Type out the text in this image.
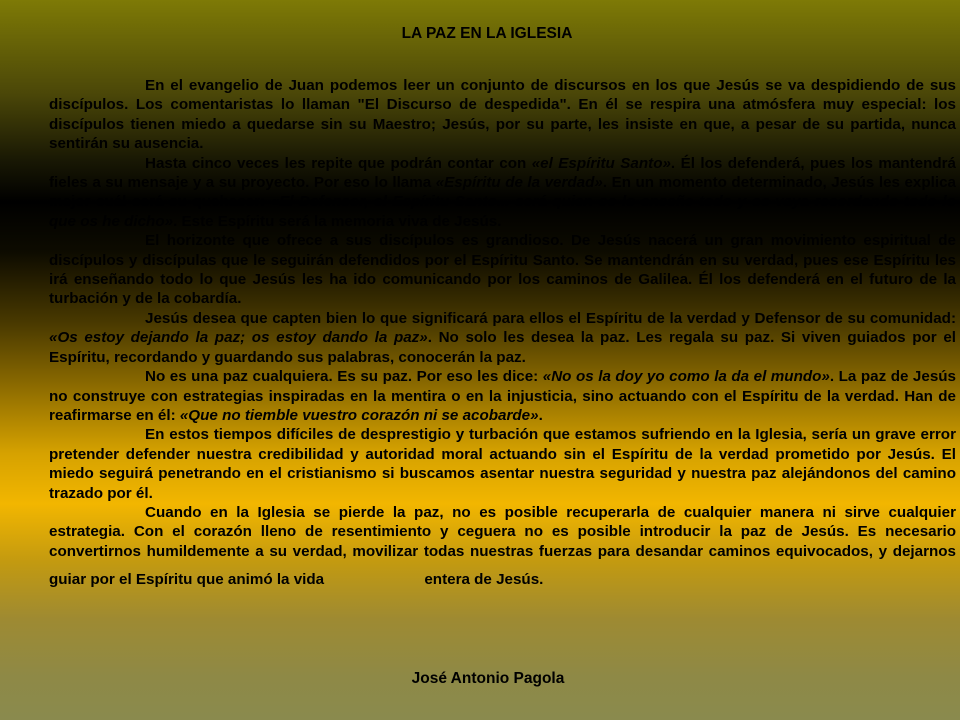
LA PAZ EN LA IGLESIA

En el evangelio de Juan podemos leer un conjunto de discursos en los que Jesús se va despidiendo de sus discípulos. Los comentaristas lo llaman "El Discurso de despedida". En él se respira una atmósfera muy especial: los discípulos tienen miedo a quedarse sin su Maestro; Jesús, por su parte, les insiste en que, a pesar de su partida, nunca sentirán su ausencia.

Hasta cinco veces les repite que podrán contar con «el Espíritu Santo». Él los defenderá, pues los mantendrá fieles a su mensaje y a su proyecto. Por eso lo llama «Espíritu de la verdad». En un momento determinado, Jesús les explica mejor cuál será su quehacer: «El Defensor, el Espíritu Santo... será quien os lo enseñe todo y os vaya recordando todo lo que os he dicho». Este Espíritu será la memoria viva de Jesús.

El horizonte que ofrece a sus discípulos es grandioso. De Jesús nacerá un gran movimiento espiritual de discípulos y discípulas que le seguirán defendidos por el Espíritu Santo. Se mantendrán en su verdad, pues ese Espíritu les irá enseñando todo lo que Jesús les ha ido comunicando por los caminos de Galilea. Él los defenderá en el futuro de la turbación y de la cobardía.

Jesús desea que capten bien lo que significará para ellos el Espíritu de la verdad y Defensor de su comunidad: «Os estoy dejando la paz; os estoy dando la paz». No solo les desea la paz. Les regala su paz. Si viven guiados por el Espíritu, recordando y guardando sus palabras, conocerán la paz.

No es una paz cualquiera. Es su paz. Por eso les dice: «No os la doy yo como la da el mundo». La paz de Jesús no construye con estrategias inspiradas en la mentira o en la injusticia, sino actuando con el Espíritu de la verdad. Han de reafirmarse en él: «Que no tiemble vuestro corazón ni se acobarde».

En estos tiempos difíciles de desprestigio y turbación que estamos sufriendo en la Iglesia, sería un grave error pretender defender nuestra credibilidad y autoridad moral actuando sin el Espíritu de la verdad prometido por Jesús. El miedo seguirá penetrando en el cristianismo si buscamos asentar nuestra seguridad y nuestra paz alejándonos del camino trazado por él.

Cuando en la Iglesia se pierde la paz, no es posible recuperarla de cualquier manera ni sirve cualquier estrategia. Con el corazón lleno de resentimiento y ceguera no es posible introducir la paz de Jesús. Es necesario convertirnos humildemente a su verdad, movilizar todas nuestras fuerzas para desandar caminos equivocados, y dejarnos guiar por el Espíritu que animó la vida	entera de Jesús.

José Antonio Pagola
